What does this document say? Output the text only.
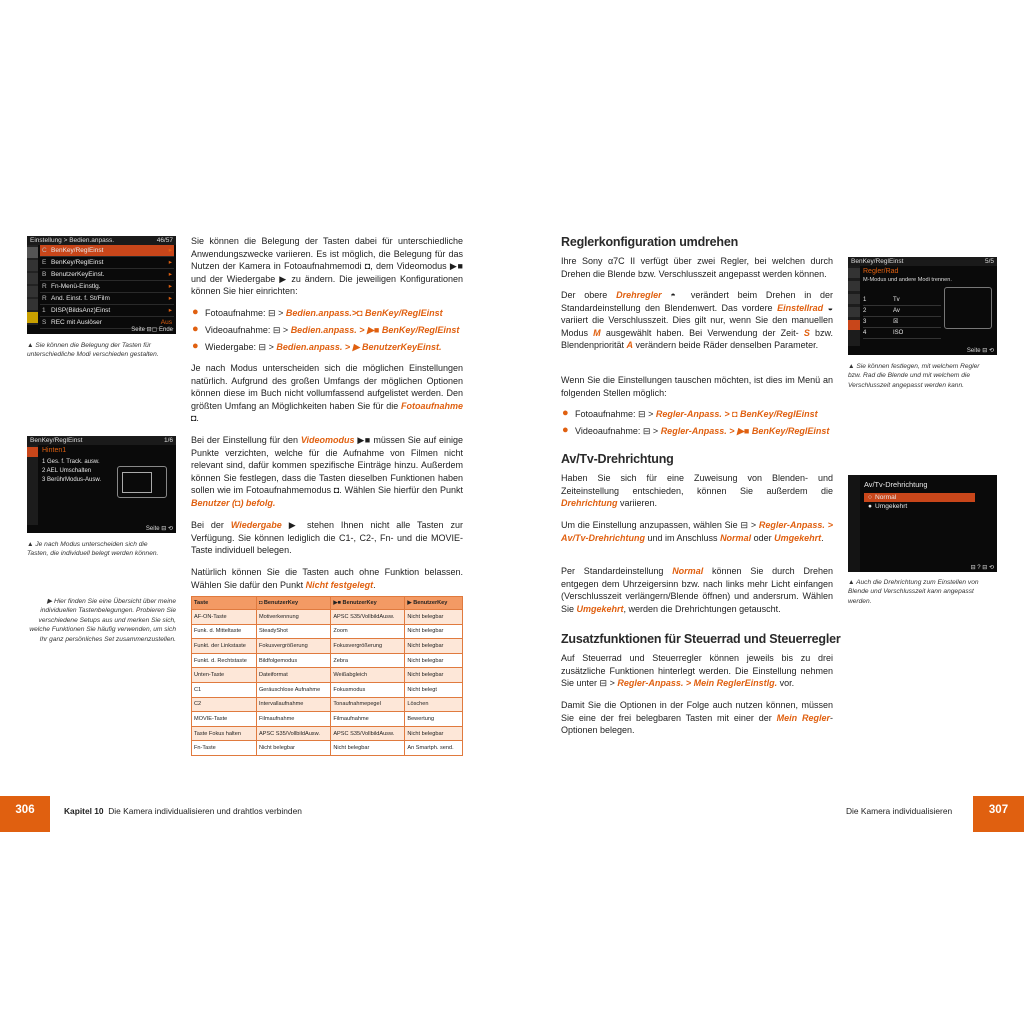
Einstellung > Bedien.anpass.	46/57
C BenKey/ReglEinst	▸
E BenKey/ReglEinst	▸
B BenutzerKeyEinst.	▸
R Fn-Menü-Einstlg.	▸
R And. Einst. f. St/Film	▸
1 DISP(BildsAnz)Einst	▸
S REC mit Auslöser	Aus
Seite ⊟▢ Ende
▲ Sie können die Belegung der Tasten für unterschiedliche Modi verschieden gestalten.
BenKey/ReglEinst	1/6
Hinten1
1 Ges. f. Track. ausw.
2 AEL Umschalten
3 BerührModus-Ausw.
Seite ⊟ ⟲
▲ Je nach Modus unterscheiden sich die Tasten, die individuell belegt werden können.
▶ Hier finden Sie eine Übersicht über meine individuellen Tastenbelegungen. Probieren Sie verschiedene Setups aus und merken Sie sich, welche Funktionen Sie häufig verwenden, um sich Ihr ganz persönliches Set zusammenzustellen.
Sie können die Belegung der Tasten dabei für unterschiedliche Anwendungszwecke variieren. Es ist möglich, die Belegung für das Nutzen der Kamera in Fotoaufnahmemodi ◘, dem Videomodus ▶■ und der Wiedergabe ▶ zu ändern. Die jeweiligen Konfigurationen können Sie hier einrichten:
● Fotoaufnahme: ⊟ > Bedien.anpass.>◘ BenKey/ReglEinst
● Videoaufnahme: ⊟ > Bedien.anpass. > ▶■ BenKey/ReglEinst
● Wiedergabe: ⊟ > Bedien.anpass. > ▶ BenutzerKeyEinst.
Je nach Modus unterscheiden sich die möglichen Einstellungen natürlich. Aufgrund des großen Umfangs der möglichen Optionen können diese im Buch nicht vollumfassend aufgelistet werden. Den größten Umfang an Möglichkeiten haben Sie für die Fotoaufnahme ◘.
Bei der Einstellung für den Videomodus ▶■ müssen Sie auf einige Punkte verzichten, welche für die Aufnahme von Filmen nicht relevant sind, dafür kommen spezifische Einträge hinzu. Außerdem können Sie festlegen, dass die Tasten dieselben Funktionen haben sollen wie im Fotoaufnahmemodus ◘. Wählen Sie hierfür den Punkt Benutzer (◘) befolg.
Bei der Wiedergabe ▶ stehen Ihnen nicht alle Tasten zur Verfügung. Sie können lediglich die C1-, C2-, Fn- und die MOVIE-Taste individuell belegen.
Natürlich können Sie die Tasten auch ohne Funktion belassen. Wählen Sie dafür den Punkt Nicht festgelegt.
Taste	◘ BenutzerKey	▶■ BenutzerKey	▶ BenutzerKey
AF-ON-Taste	Motiverkennung	APSC S35/VollbildAusw.	Nicht belegbar
Funk. d. Mitteltaste	SteadyShot	Zoom	Nicht belegbar
Funkt. der Linkstaste	Fokusvergrößerung	Fokusvergrößerung	Nicht belegbar
Funkt. d. Rechtstaste	Bildfolgemodus	Zebra	Nicht belegbar
Unten-Taste	Dateiformat	Weißabgleich	Nicht belegbar
C1	Geräuschlose Aufnahme	Fokusmodus	Nicht belegt
C2	Intervallaufnahme	Tonaufnahmepegel	Löschen
MOVIE-Taste	Filmaufnahme	Filmaufnahme	Bewertung
Taste Fokus halten	APSC S35/VollbildAusw.	APSC S35/VollbildAusw.	Nicht belegbar
Fn-Taste	Nicht belegbar	Nicht belegbar	An Smartph. send.
306	Kapitel 10 Die Kamera individualisieren und drahtlos verbinden
Reglerkonfiguration umdrehen
Ihre Sony α7C II verfügt über zwei Regler, bei welchen durch Drehen die Blende bzw. Verschlusszeit angepasst werden können.
Der obere Drehregler ◓ verändert beim Drehen in der Standardeinstellung den Blendenwert. Das vordere Einstellrad ◒ variiert die Verschlusszeit. Dies gilt nur, wenn Sie den manuellen Modus M ausgewählt haben. Bei Verwendung der Zeit- S bzw. Blendenpriorität A verändern beide Räder denselben Parameter.
Wenn Sie die Einstellungen tauschen möchten, ist dies im Menü an folgenden Stellen möglich:
● Fotoaufnahme: ⊟ > Regler-Anpass. > ◘ BenKey/ReglEinst
● Videoaufnahme: ⊟ > Regler-Anpass. > ▶■ BenKey/ReglEinst
Av/Tv-Drehrichtung
Haben Sie sich für eine Zuweisung von Blenden- und Zeiteinstellung entschieden, können Sie außerdem die Drehrichtung variieren.
Um die Einstellung anzupassen, wählen Sie ⊟ > Regler-Anpass. > Av/Tv-Drehrichtung und im Anschluss Normal oder Umgekehrt.
Per Standardeinstellung Normal können Sie durch Drehen entgegen dem Uhrzeigersinn bzw. nach links mehr Licht einfangen (Verschlusszeit verlängern/Blende öffnen) und andersrum. Wählen Sie Umgekehrt, werden die Drehrichtungen getauscht.
Zusatzfunktionen für Steuerrad und Steuerregler
Auf Steuerrad und Steuerregler können jeweils bis zu drei zusätzliche Funktionen hinterlegt werden. Die Einstellung nehmen Sie unter ⊟ > Regler-Anpass. > Mein ReglerEinstlg. vor.
Damit Sie die Optionen in der Folge auch nutzen können, müssen Sie eine der frei belegbaren Tasten mit einer der Mein Regler-Optionen belegen.
BenKey/ReglEinst	5/5
Regler/Rad
M-Modus und andere Modi trennen.
1	Tv
2	Av
3	☒
4	ISO
Seite ⊟ ⟲
▲ Sie können festlegen, mit welchem Regler bzw. Rad die Blende und mit welchem die Verschlusszeit angepasst werden kann.
Av/Tv-Drehrichtung
○ Normal
● Umgekehrt
⊟ ? ⊟ ⟲
▲ Auch die Drehrichtung zum Einstellen von Blende und Verschlusszeit kann angepasst werden.
Die Kamera individualisieren	307
